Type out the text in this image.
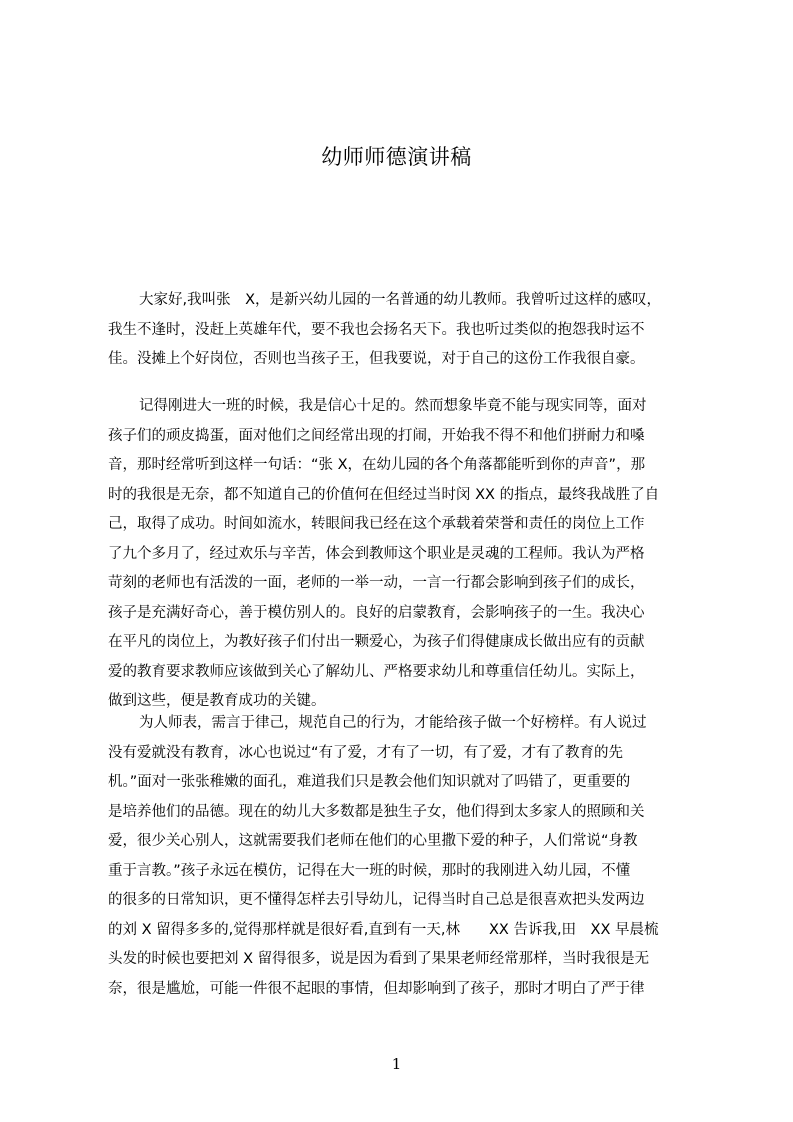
幼师师德演讲稿
大家好,我叫张　X，是新兴幼儿园的一名普通的幼儿教师。我曾听过这样的感叹，
我生不逢时，没赶上英雄年代，要不我也会扬名天下。我也听过类似的抱怨我时运不
佳。没摊上个好岗位，否则也当孩子王，但我要说，对于自己的这份工作我很自豪。
记得刚进大一班的时候，我是信心十足的。然而想象毕竟不能与现实同等，面对
孩子们的顽皮捣蛋，面对他们之间经常出现的打闹，开始我不得不和他们拼耐力和嗓
音，那时经常听到这样一句话：“张 X，在幼儿园的各个角落都能听到你的声音”，那
时的我很是无奈，都不知道自己的价值何在但经过当时闵 XX 的指点，最终我战胜了自
己，取得了成功。时间如流水，转眼间我已经在这个承载着荣誉和责任的岗位上工作
了九个多月了，经过欢乐与辛苦，体会到教师这个职业是灵魂的工程师。我认为严格
苛刻的老师也有活泼的一面，老师的一举一动，一言一行都会影响到孩子们的成长，
孩子是充满好奇心，善于模仿别人的。良好的启蒙教育，会影响孩子的一生。我决心
在平凡的岗位上，为教好孩子们付出一颗爱心，为孩子们得健康成长做出应有的贡献
爱的教育要求教师应该做到关心了解幼儿、严格要求幼儿和尊重信任幼儿。实际上，
做到这些，便是教育成功的关键。
为人师表，需言于律己，规范自己的行为，才能给孩子做一个好榜样。有人说过
没有爱就没有教育，冰心也说过“有了爱，才有了一切，有了爱，才有了教育的先
机。”面对一张张稚嫩的面孔，难道我们只是教会他们知识就对了吗错了，更重要的
是培养他们的品德。现在的幼儿大多数都是独生子女，他们得到太多家人的照顾和关
爱，很少关心别人，这就需要我们老师在他们的心里撒下爱的种子，人们常说“身教
重于言教。”孩子永远在模仿，记得在大一班的时候，那时的我刚进入幼儿园，不懂
的很多的日常知识，更不懂得怎样去引导幼儿，记得当时自己总是很喜欢把头发两边
的刘 X 留得多多的,觉得那样就是很好看,直到有一天,林　　XX 告诉我,田　XX 早晨梳
头发的时候也要把刘 X 留得很多，说是因为看到了果果老师经常那样，当时我很是无
奈，很是尴尬，可能一件很不起眼的事情，但却影响到了孩子，那时才明白了严于律
1
